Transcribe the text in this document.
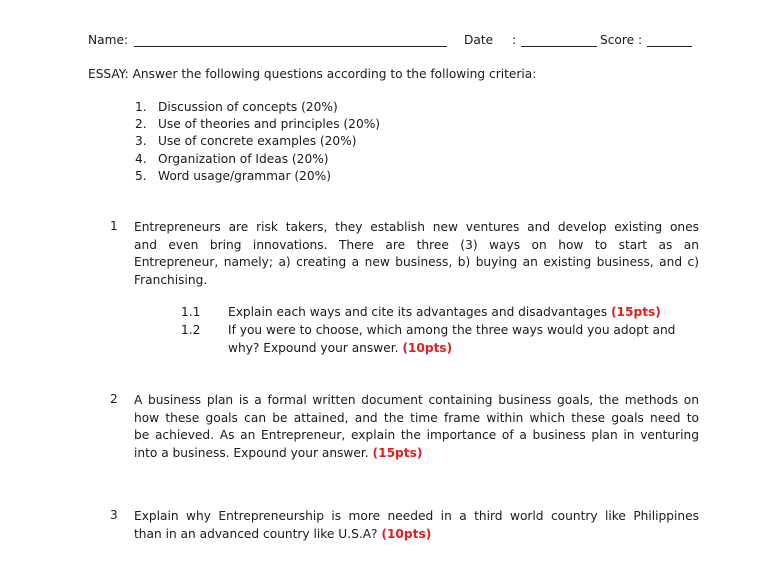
Name:	Date :	Score :
ESSAY: Answer the following questions according to the following criteria:
1. Discussion of concepts (20%)
2. Use of theories and principles (20%)
3. Use of concrete examples (20%)
4. Organization of Ideas (20%)
5. Word usage/grammar (20%)
1 Entrepreneurs are risk takers, they establish new ventures and develop existing ones
and even bring innovations. There are three (3) ways on how to start as an
Entrepreneur, namely; a) creating a new business, b) buying an existing business, and c)
Franchising.
1.1 Explain each ways and cite its advantages and disadvantages (15pts)
1.2 If you were to choose, which among the three ways would you adopt and
why? Expound your answer. (10pts)
2 A business plan is a formal written document containing business goals, the methods on
how these goals can be attained, and the time frame within which these goals need to
be achieved. As an Entrepreneur, explain the importance of a business plan in venturing
into a business. Expound your answer. (15pts)
3 Explain why Entrepreneurship is more needed in a third world country like Philippines
than in an advanced country like U.S.A? (10pts)
